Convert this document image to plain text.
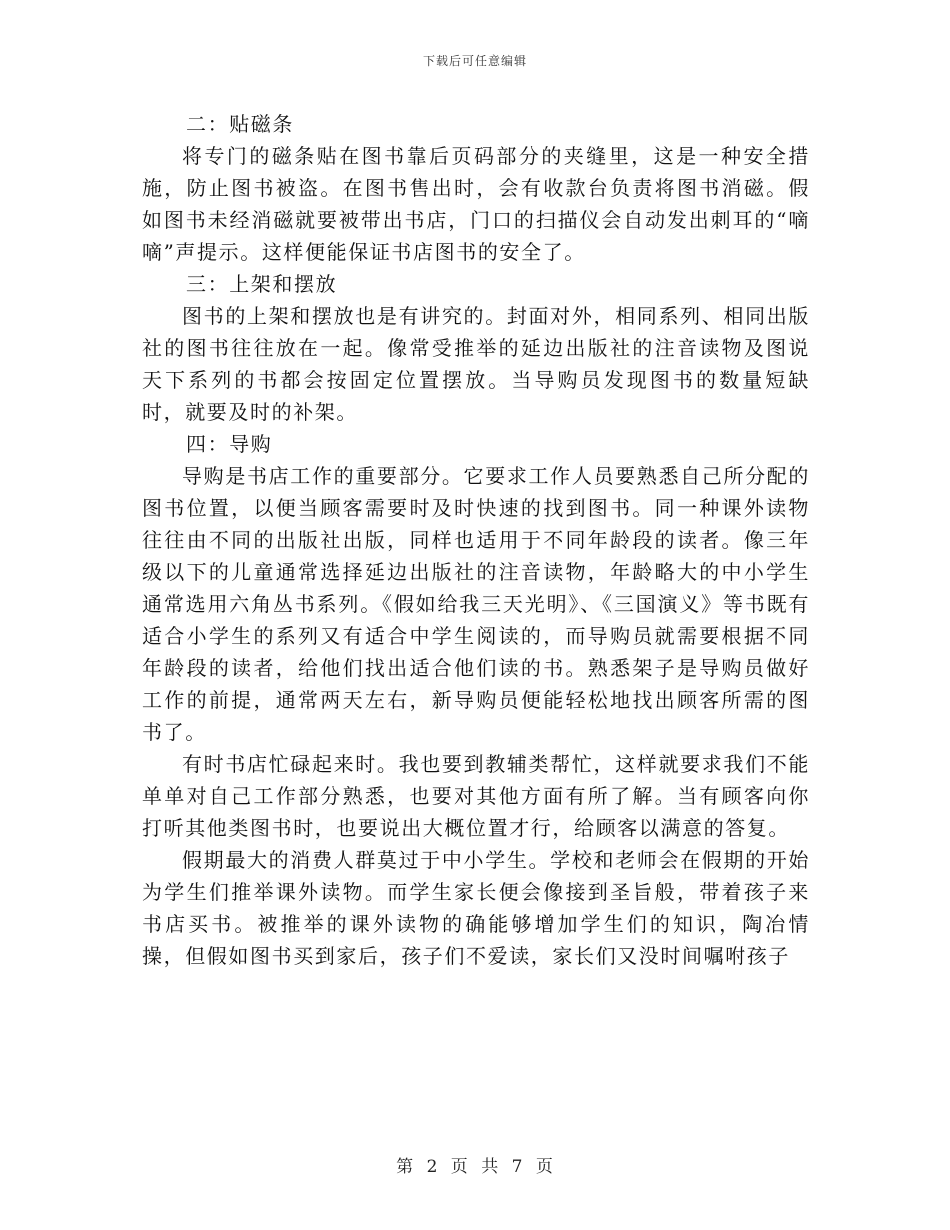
下载后可任意编辑

二：贴磁条

将专门的磁条贴在图书靠后页码部分的夹缝里，这是一种安全措施，防止图书被盗。在图书售出时，会有收款台负责将图书消磁。假如图书未经消磁就要被带出书店，门口的扫描仪会自动发出刺耳的“嘀嘀”声提示。这样便能保证书店图书的安全了。

三：上架和摆放

图书的上架和摆放也是有讲究的。封面对外，相同系列、相同出版社的图书往往放在一起。像常受推举的延边出版社的注音读物及图说天下系列的书都会按固定位置摆放。当导购员发现图书的数量短缺时，就要及时的补架。

四：导购

导购是书店工作的重要部分。它要求工作人员要熟悉自己所分配的图书位置，以便当顾客需要时及时快速的找到图书。同一种课外读物往往由不同的出版社出版，同样也适用于不同年龄段的读者。像三年级以下的儿童通常选择延边出版社的注音读物，年龄略大的中小学生通常选用六角丛书系列。《假如给我三天光明》、《三国演义》等书既有适合小学生的系列又有适合中学生阅读的，而导购员就需要根据不同年龄段的读者，给他们找出适合他们读的书。熟悉架子是导购员做好工作的前提，通常两天左右，新导购员便能轻松地找出顾客所需的图书了。

有时书店忙碌起来时。我也要到教辅类帮忙，这样就要求我们不能单单对自己工作部分熟悉，也要对其他方面有所了解。当有顾客向你打听其他类图书时，也要说出大概位置才行，给顾客以满意的答复。

假期最大的消费人群莫过于中小学生。学校和老师会在假期的开始为学生们推举课外读物。而学生家长便会像接到圣旨般，带着孩子来书店买书。被推举的课外读物的确能够增加学生们的知识，陶冶情操，但假如图书买到家后，孩子们不爱读，家长们又没时间嘱咐孩子

第 2 页 共 7 页
